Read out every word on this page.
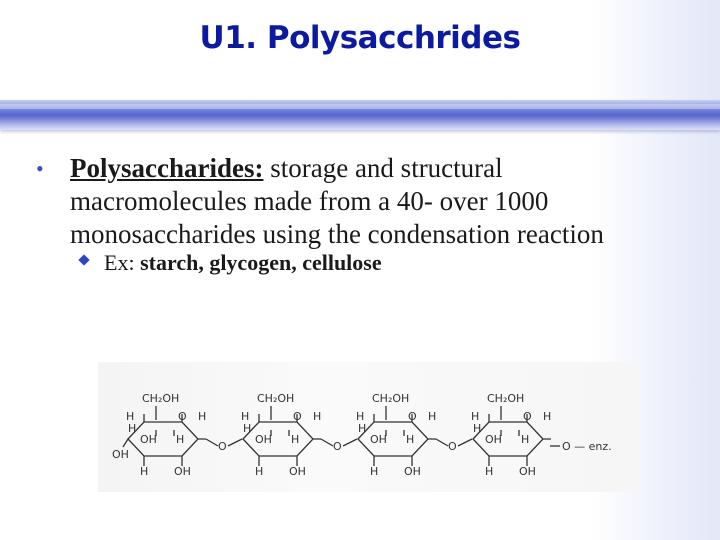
U1. Polysacchrides
• Polysaccharides: storage and structural macromolecules made from a 40- over 1000 monosaccharides using the condensation reaction
Ex: starch, glycogen, cellulose
OH
CH₂OH
H	O H
H
OH H
H OH
O
CH₂OH
H	O H
H
OH H
H OH
O
CH₂OH
H	O H
H
OH H
H OH
O
CH₂OH
H	O H
H
OH H
H OH
O — enz.
